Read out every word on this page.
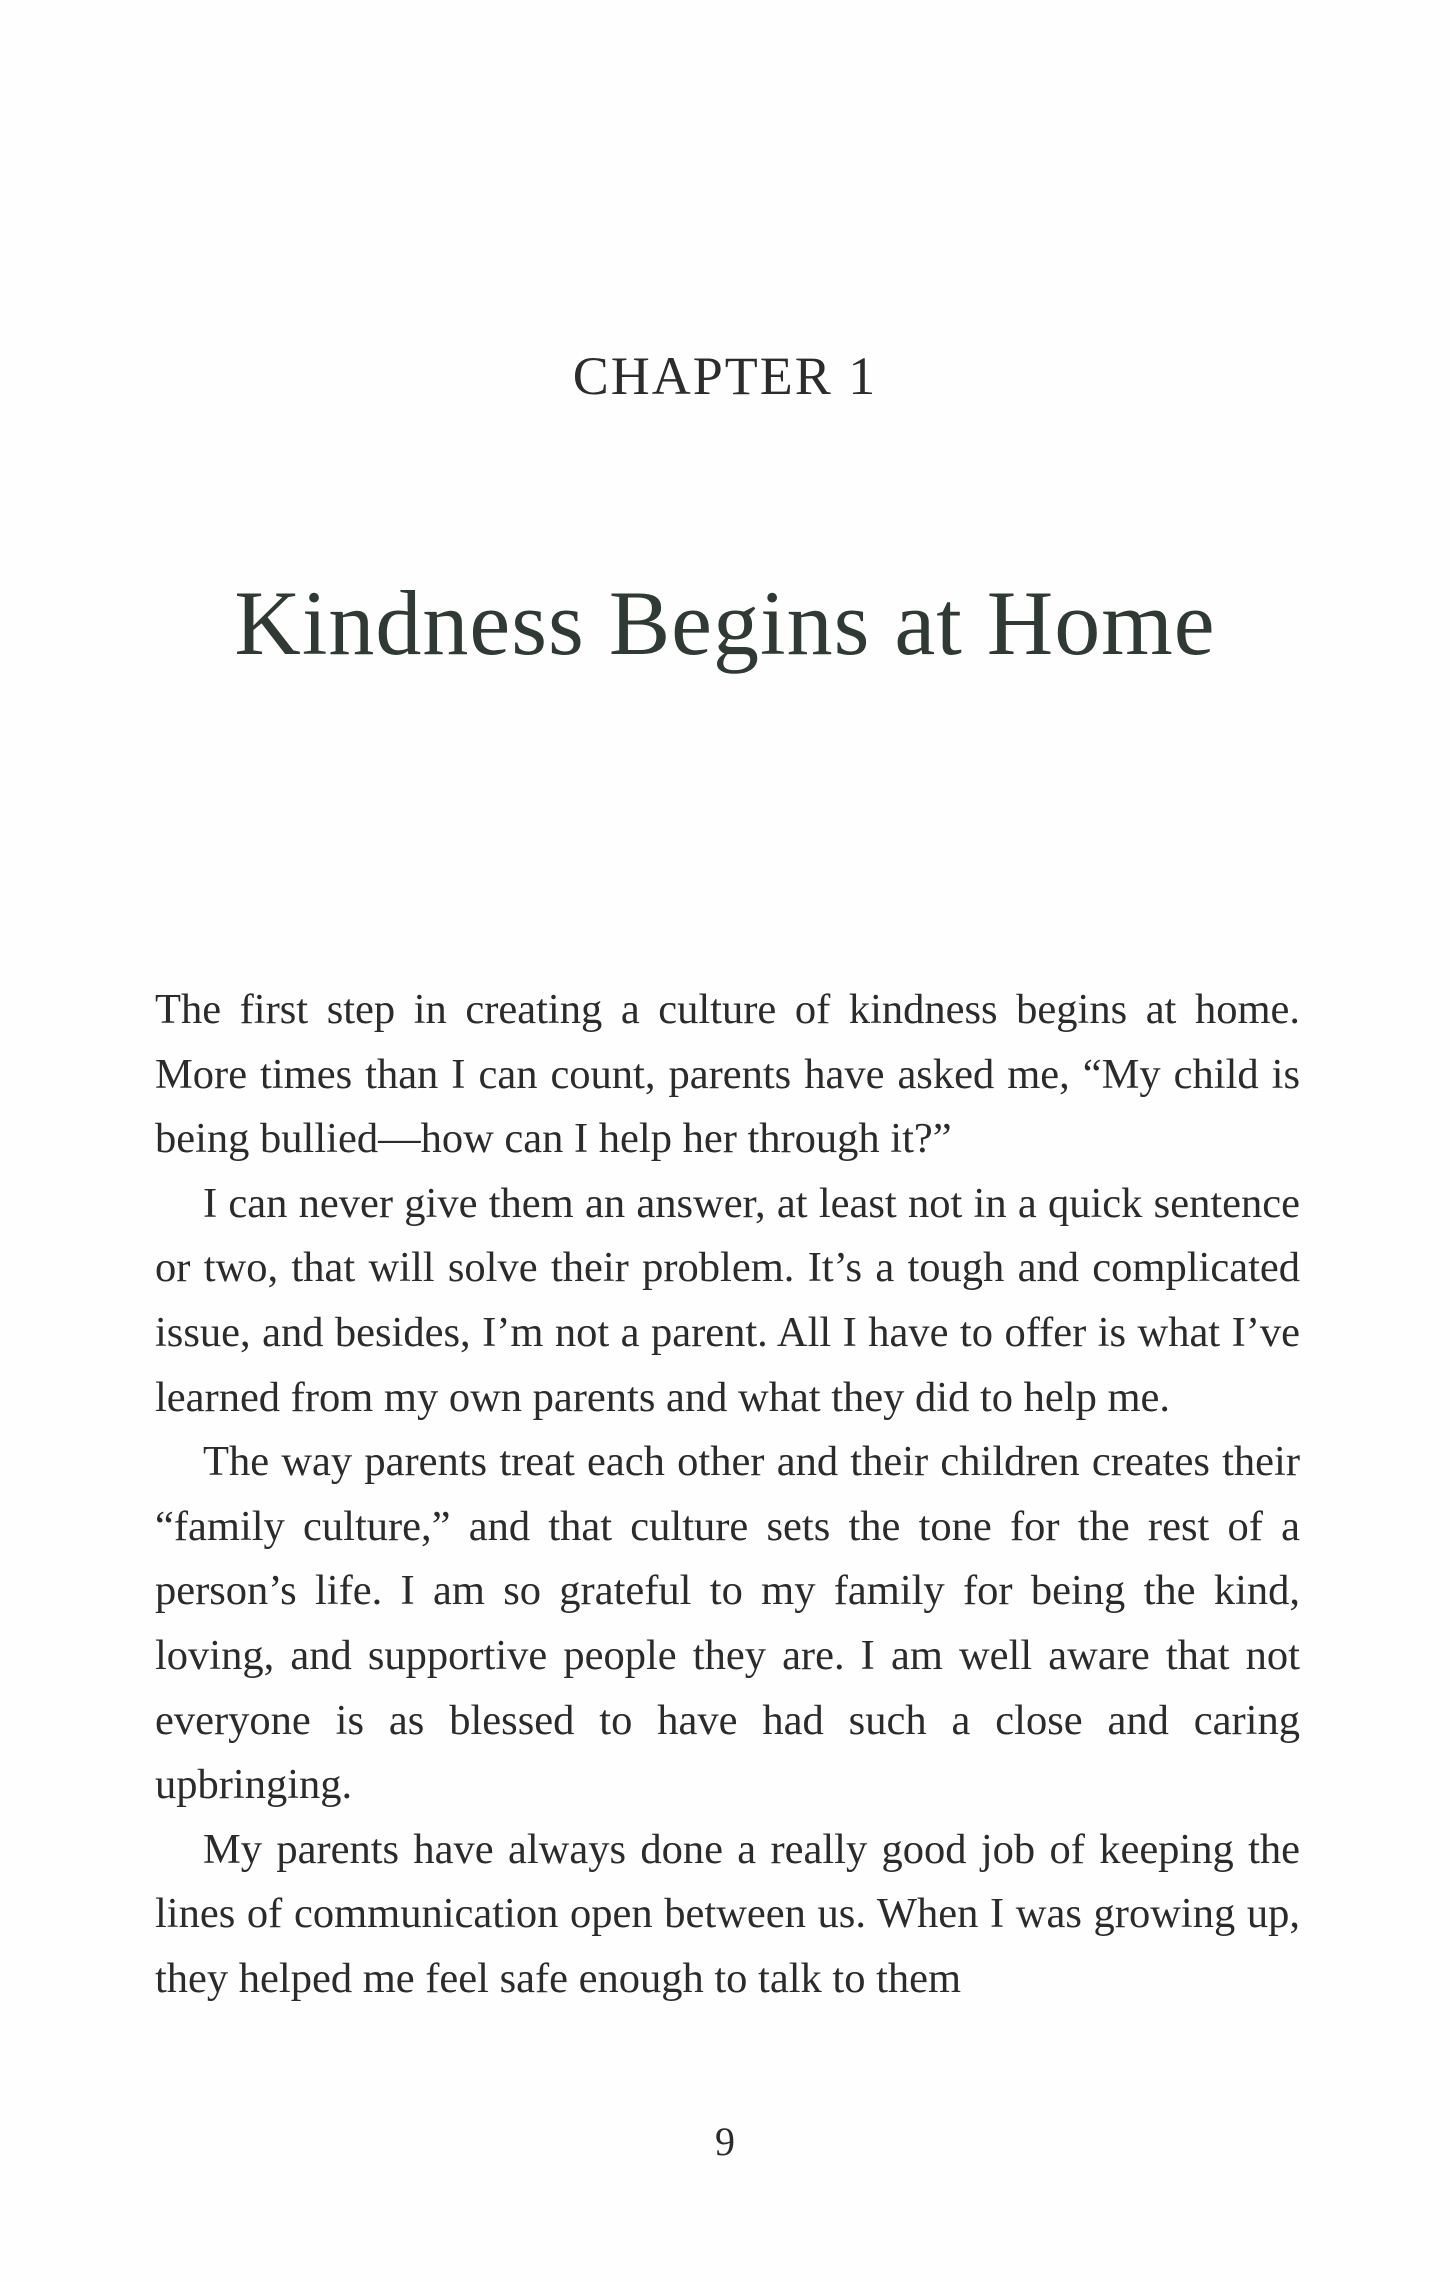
CHAPTER 1
Kindness Begins at Home

The first step in creating a culture of kindness begins at home. More times than I can count, parents have asked me, “My child is being bullied—how can I help her through it?”

I can never give them an answer, at least not in a quick sentence or two, that will solve their problem. It’s a tough and complicated issue, and besides, I’m not a parent. All I have to offer is what I’ve learned from my own parents and what they did to help me.

The way parents treat each other and their children creates their “family culture,” and that culture sets the tone for the rest of a person’s life. I am so grateful to my family for being the kind, loving, and supportive people they are. I am well aware that not everyone is as blessed to have had such a close and caring upbringing.

My parents have always done a really good job of keeping the lines of communication open between us. When I was growing up, they helped me feel safe enough to talk to them

9
